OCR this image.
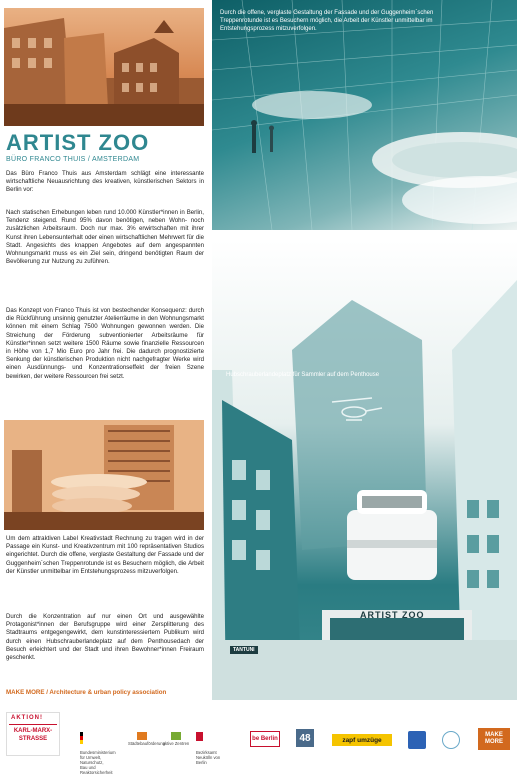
ARTIST ZOO
BÜRO FRANCO THUIS / AMSTERDAM

Das Büro Franco Thuis aus Amsterdam schlägt eine interessante wirtschaftliche Neuausrichtung des kreativen, künstlerischen Sektors in Berlin vor:

Nach statischen Erhebungen leben rund 10.000 Künstler*innen in Berlin, Tendenz steigend. Rund 95% davon benötigen, neben Wohn- noch zusätzlichen Arbeitsraum. Doch nur max. 3% erwirtschaften mit ihrer Kunst ihren Lebensunterhalt oder einen wirtschaftlichen Mehrwert für die Stadt. Angesichts des knappen Angebotes auf dem angespannten Wohnungsmarkt muss es ein Ziel sein, dringend benötigten Raum der Bevölkerung zur Nutzung zu zuführen.

Das Konzept von Franco Thuis ist von bestechender Konsequenz: durch die Rückführung unsinnig genutzter Atelierräume in den Wohnungsmarkt können mit einem Schlag 7500 Wohnungen gewonnen werden. Die Streichung der Förderung subventionierter Arbeitsräume für Künstler*innen setzt weitere 1500 Räume sowie finanzielle Ressourcen in Höhe von 1,7 Mio Euro pro Jahr frei. Die dadurch prognostizierte Senkung der künstlerischen Produktion nicht nachgefragter Werke wird einen Ausdünnungs- und Konzentrationseffekt der freien Szene bewirken, der weitere Ressourcen frei setzt.

Um dem attraktiven Label Kreativstadt Rechnung zu tragen wird in der Passage ein Kunst- und Kreativzentrum mit 100 repräsentativen Studios eingerichtet. Durch die offene, verglaste Gestaltung der Fassade und der Guggenheim`schen Treppenrotunde ist es Besuchern möglich, die Arbeit der Künstler unmittelbar im Entstehungsprozess mitzuverfolgen.

Durch die Konzentration auf nur einen Ort und ausgewählte Protagonist*innen der Berufsgruppe wird einer Zersplitterung des Stadtraums entgegengewirkt, dem kunstinteressiertem Publikum wird durch einen Hubschrauberlandeplatz auf dem Penthousedach der Besuch erleichtert und der Stadt und ihren Bewohner*innen Freiraum geschenkt.

MAKE MORE / Architecture & urban policy association
Durch die offene, verglaste Gestaltung der Fassade und der Guggenheim`schen Treppenrotunde ist es Besuchern möglich, die Arbeit der Künstler unmittelbar im Entstehungsprozess mitzuverfolgen.
ARTIST ZOO
TANTUNI
Hubschrauberlandeplatz für Sammler auf dem Penthouse
AKTION!
KARL-MARX-STRASSE
Bundesministerium für Umwelt, Naturschutz, Bau und Reaktorsicherheit
Städtebauförderung
aktive Zentren
Bezirksamt Neukölln von Berlin
be Berlin	48	zapf umzüge
MAKE MORE
